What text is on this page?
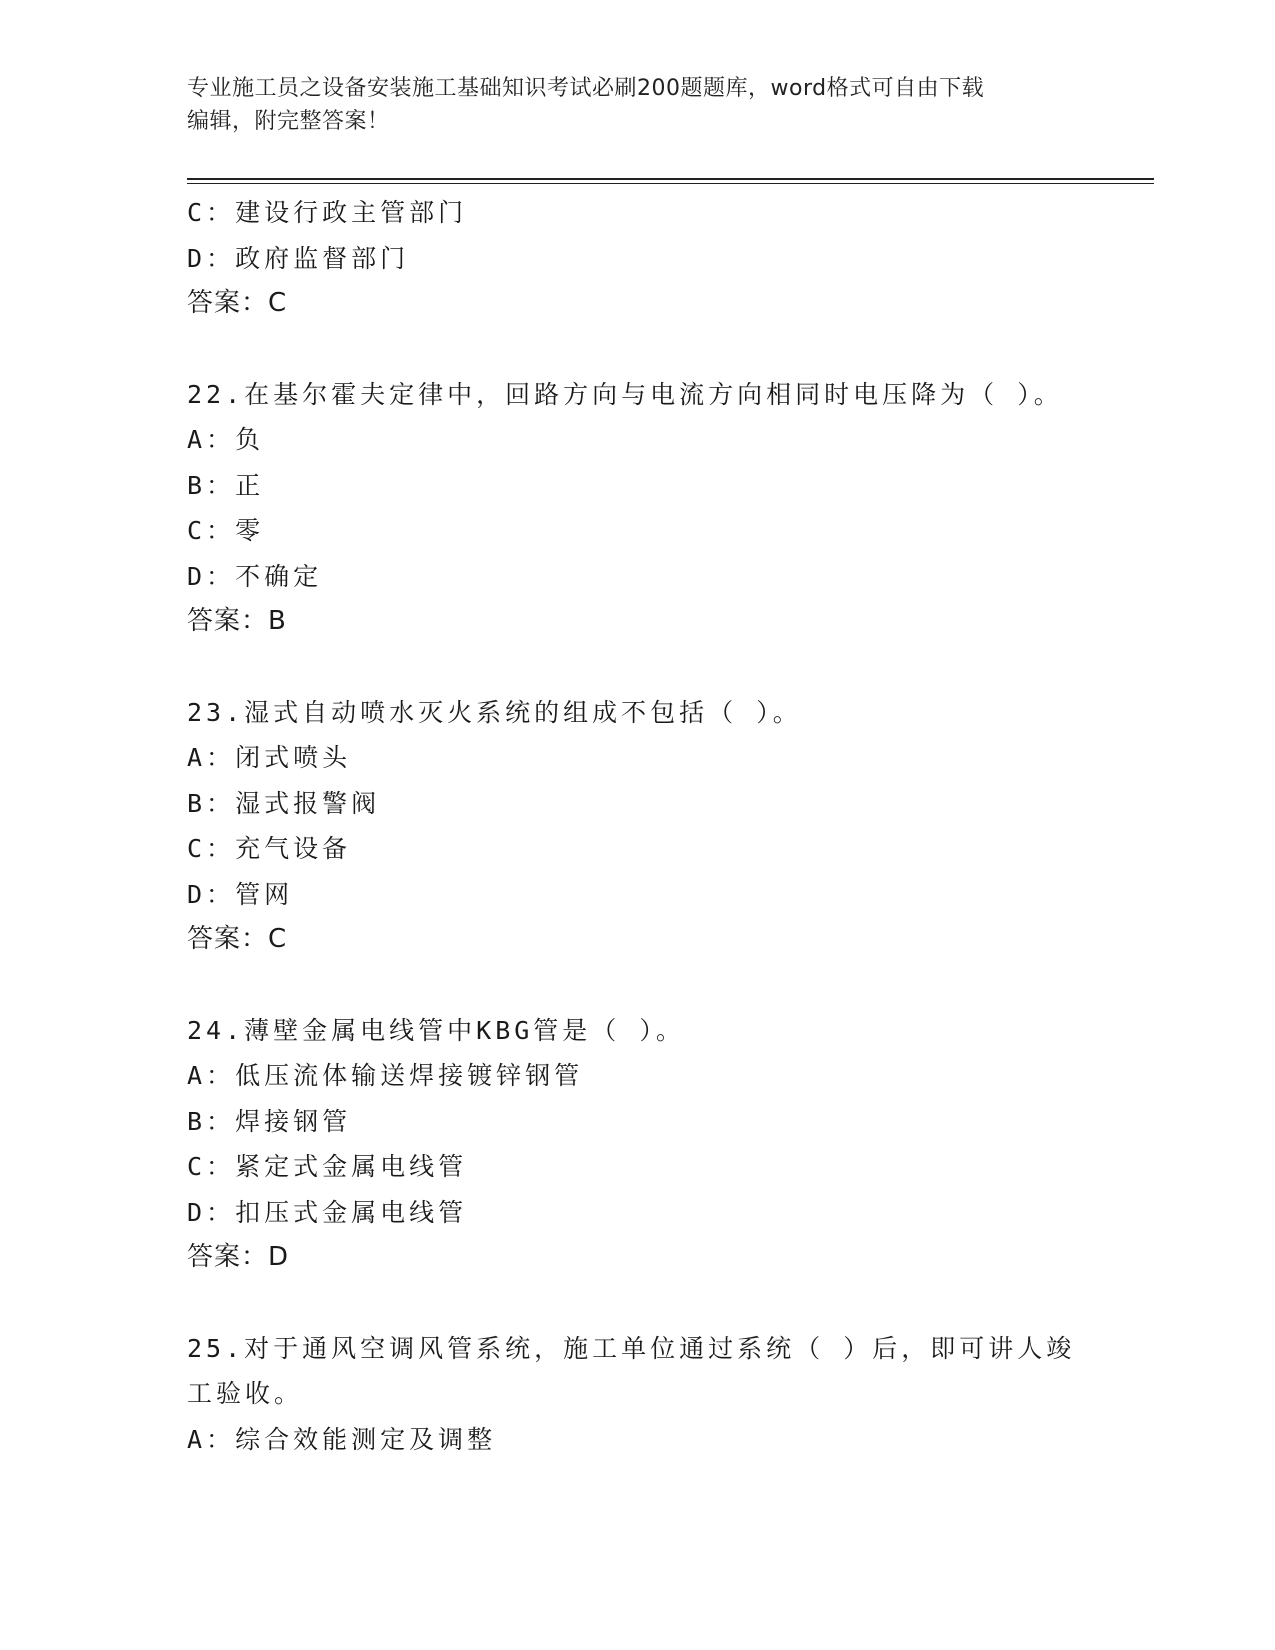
专业施工员之设备安装施工基础知识考试必刷200题题库，word格式可自由下载
编辑，附完整答案！
C：建设行政主管部门
D：政府监督部门
答案：C
22.在基尔霍夫定律中，回路方向与电流方向相同时电压降为（ ）。
A：负
B：正
C：零
D：不确定
答案：B
23.湿式自动喷水灭火系统的组成不包括（ ）。
A：闭式喷头
B：湿式报警阀
C：充气设备
D：管网
答案：C
24.薄壁金属电线管中KBG管是（ ）。
A：低压流体输送焊接镀锌钢管
B：焊接钢管
C：紧定式金属电线管
D：扣压式金属电线管
答案：D
25.对于通风空调风管系统，施工单位通过系统（ ）后，即可讲人竣
工验收。
A：综合效能测定及调整
